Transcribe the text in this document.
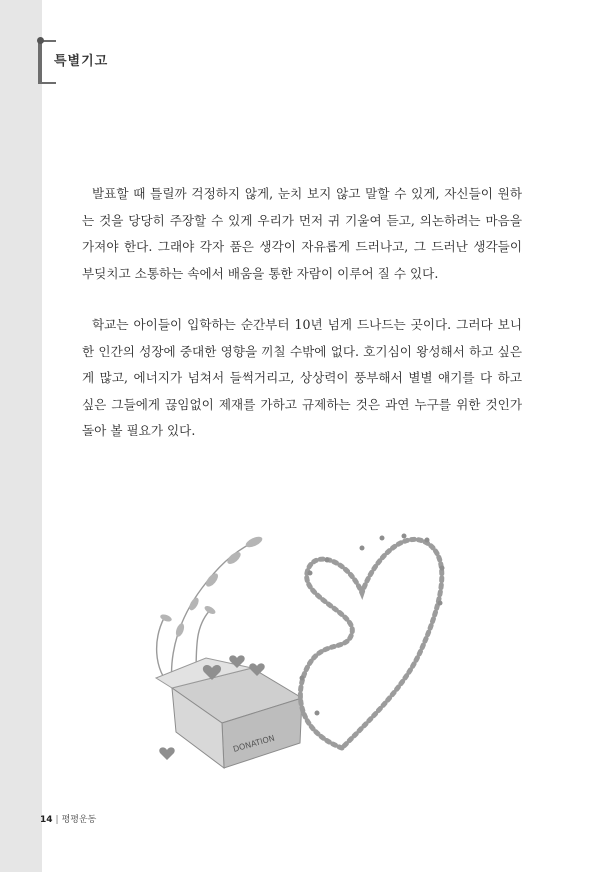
특별기고

발표할 때 틀릴까 걱정하지 않게, 눈치 보지 않고 말할 수 있게, 자신들이 원하는 것을 당당히 주장할 수 있게 우리가 먼저 귀 기울여 듣고, 의논하려는 마음을 가져야 한다. 그래야 각자 품은 생각이 자유롭게 드러나고, 그 드러난 생각들이 부딪치고 소통하는 속에서 배움을 통한 자람이 이루어 질 수 있다.

학교는 아이들이 입학하는 순간부터 10년 넘게 드나드는 곳이다. 그러다 보니 한 인간의 성장에 중대한 영향을 끼칠 수밖에 없다. 호기심이 왕성해서 하고 싶은 게 많고, 에너지가 넘쳐서 들썩거리고, 상상력이 풍부해서 별별 얘기를 다 하고 싶은 그들에게 끊임없이 제재를 가하고 규제하는 것은 과연 누구를 위한 것인가 돌아 볼 필요가 있다.

DONATION
14 | 평평운동
